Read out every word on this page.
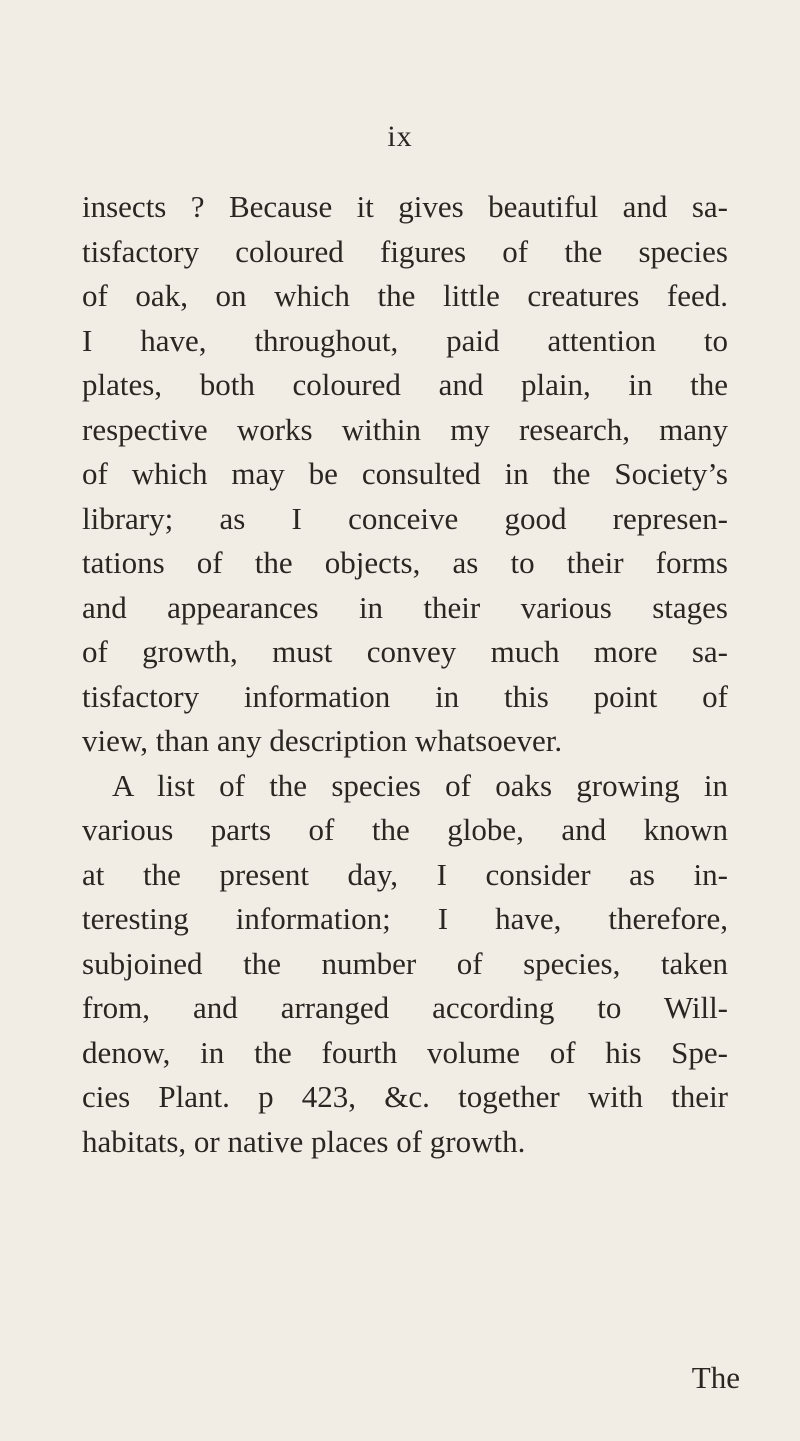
ix
insects ? Because it gives beautiful and sa-
tisfactory coloured figures of the species
of oak, on which the little creatures feed.
I have, throughout, paid attention to
plates, both coloured and plain, in the
respective works within my research, many
of which may be consulted in the Society’s
library; as I conceive good represen-
tations of the objects, as to their forms
and appearances in their various stages
of growth, must convey much more sa-
tisfactory information in this point of
view, than any description whatsoever.
A list of the species of oaks growing in
various parts of the globe, and known
at the present day, I consider as in-
teresting information; I have, therefore,
subjoined the number of species, taken
from, and arranged according to Will-
denow, in the fourth volume of his Spe-
cies Plant. p 423, &c. together with their
habitats, or native places of growth.
The
